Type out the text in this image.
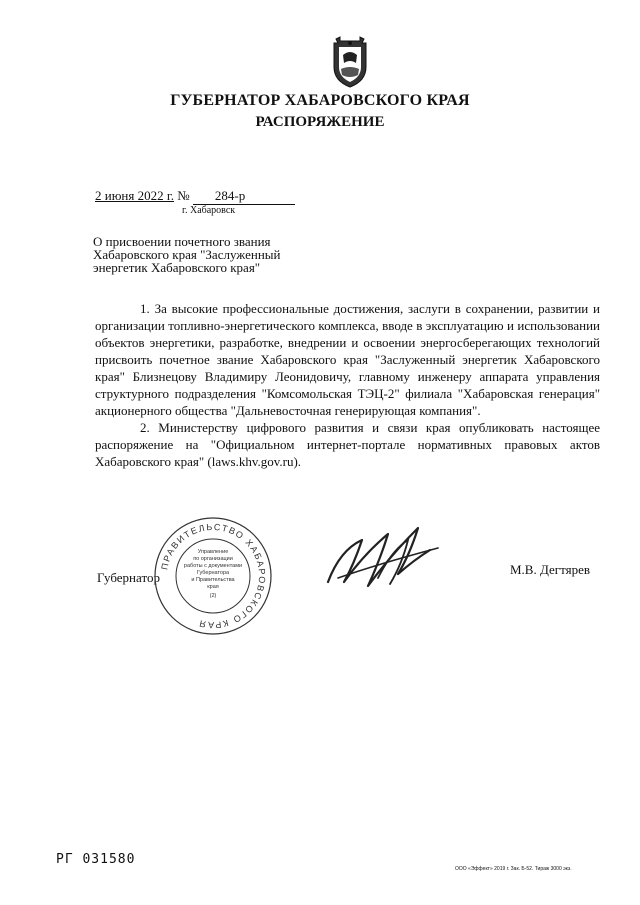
ГУБЕРНАТОР ХАБАРОВСКОГО КРАЯ
РАСПОРЯЖЕНИЕ
2 июня 2022 г. № 284-р
г. Хабаровск
О присвоении почетного звания
Хабаровского края "Заслуженный
энергетик Хабаровского края"

1. За высокие профессиональные достижения, заслуги в сохранении, развитии и организации топливно-энергетического комплекса, вводе в эксплуатацию и использовании объектов энергетики, разработке, внедрении и освоении энергосберегающих технологий присвоить почетное звание Хабаровского края "Заслуженный энергетик Хабаровского края" Близнецову Владимиру Леонидовичу, главному инженеру аппарата управления структурного подразделения "Комсомольская ТЭЦ-2" филиала "Хабаровская генерация" акционерного общества "Дальневосточная генерирующая компания".

2. Министерству цифрового развития и связи края опубликовать настоящее распоряжение на "Официальном интернет-портале нормативных правовых актов Хабаровского края" (laws.khv.gov.ru).

Губернатор
ПРАВИТЕЛЬСТВО ХАБАРОВСКОГО КРАЯ
Управление
по организации
работы с документами
Губернатора
и Правительства
края
(2)
М.В. Дегтярев
РГ 031580
ООО «Эффект» 2019 г. Зак. Б-52. Тираж 3000 экз.
